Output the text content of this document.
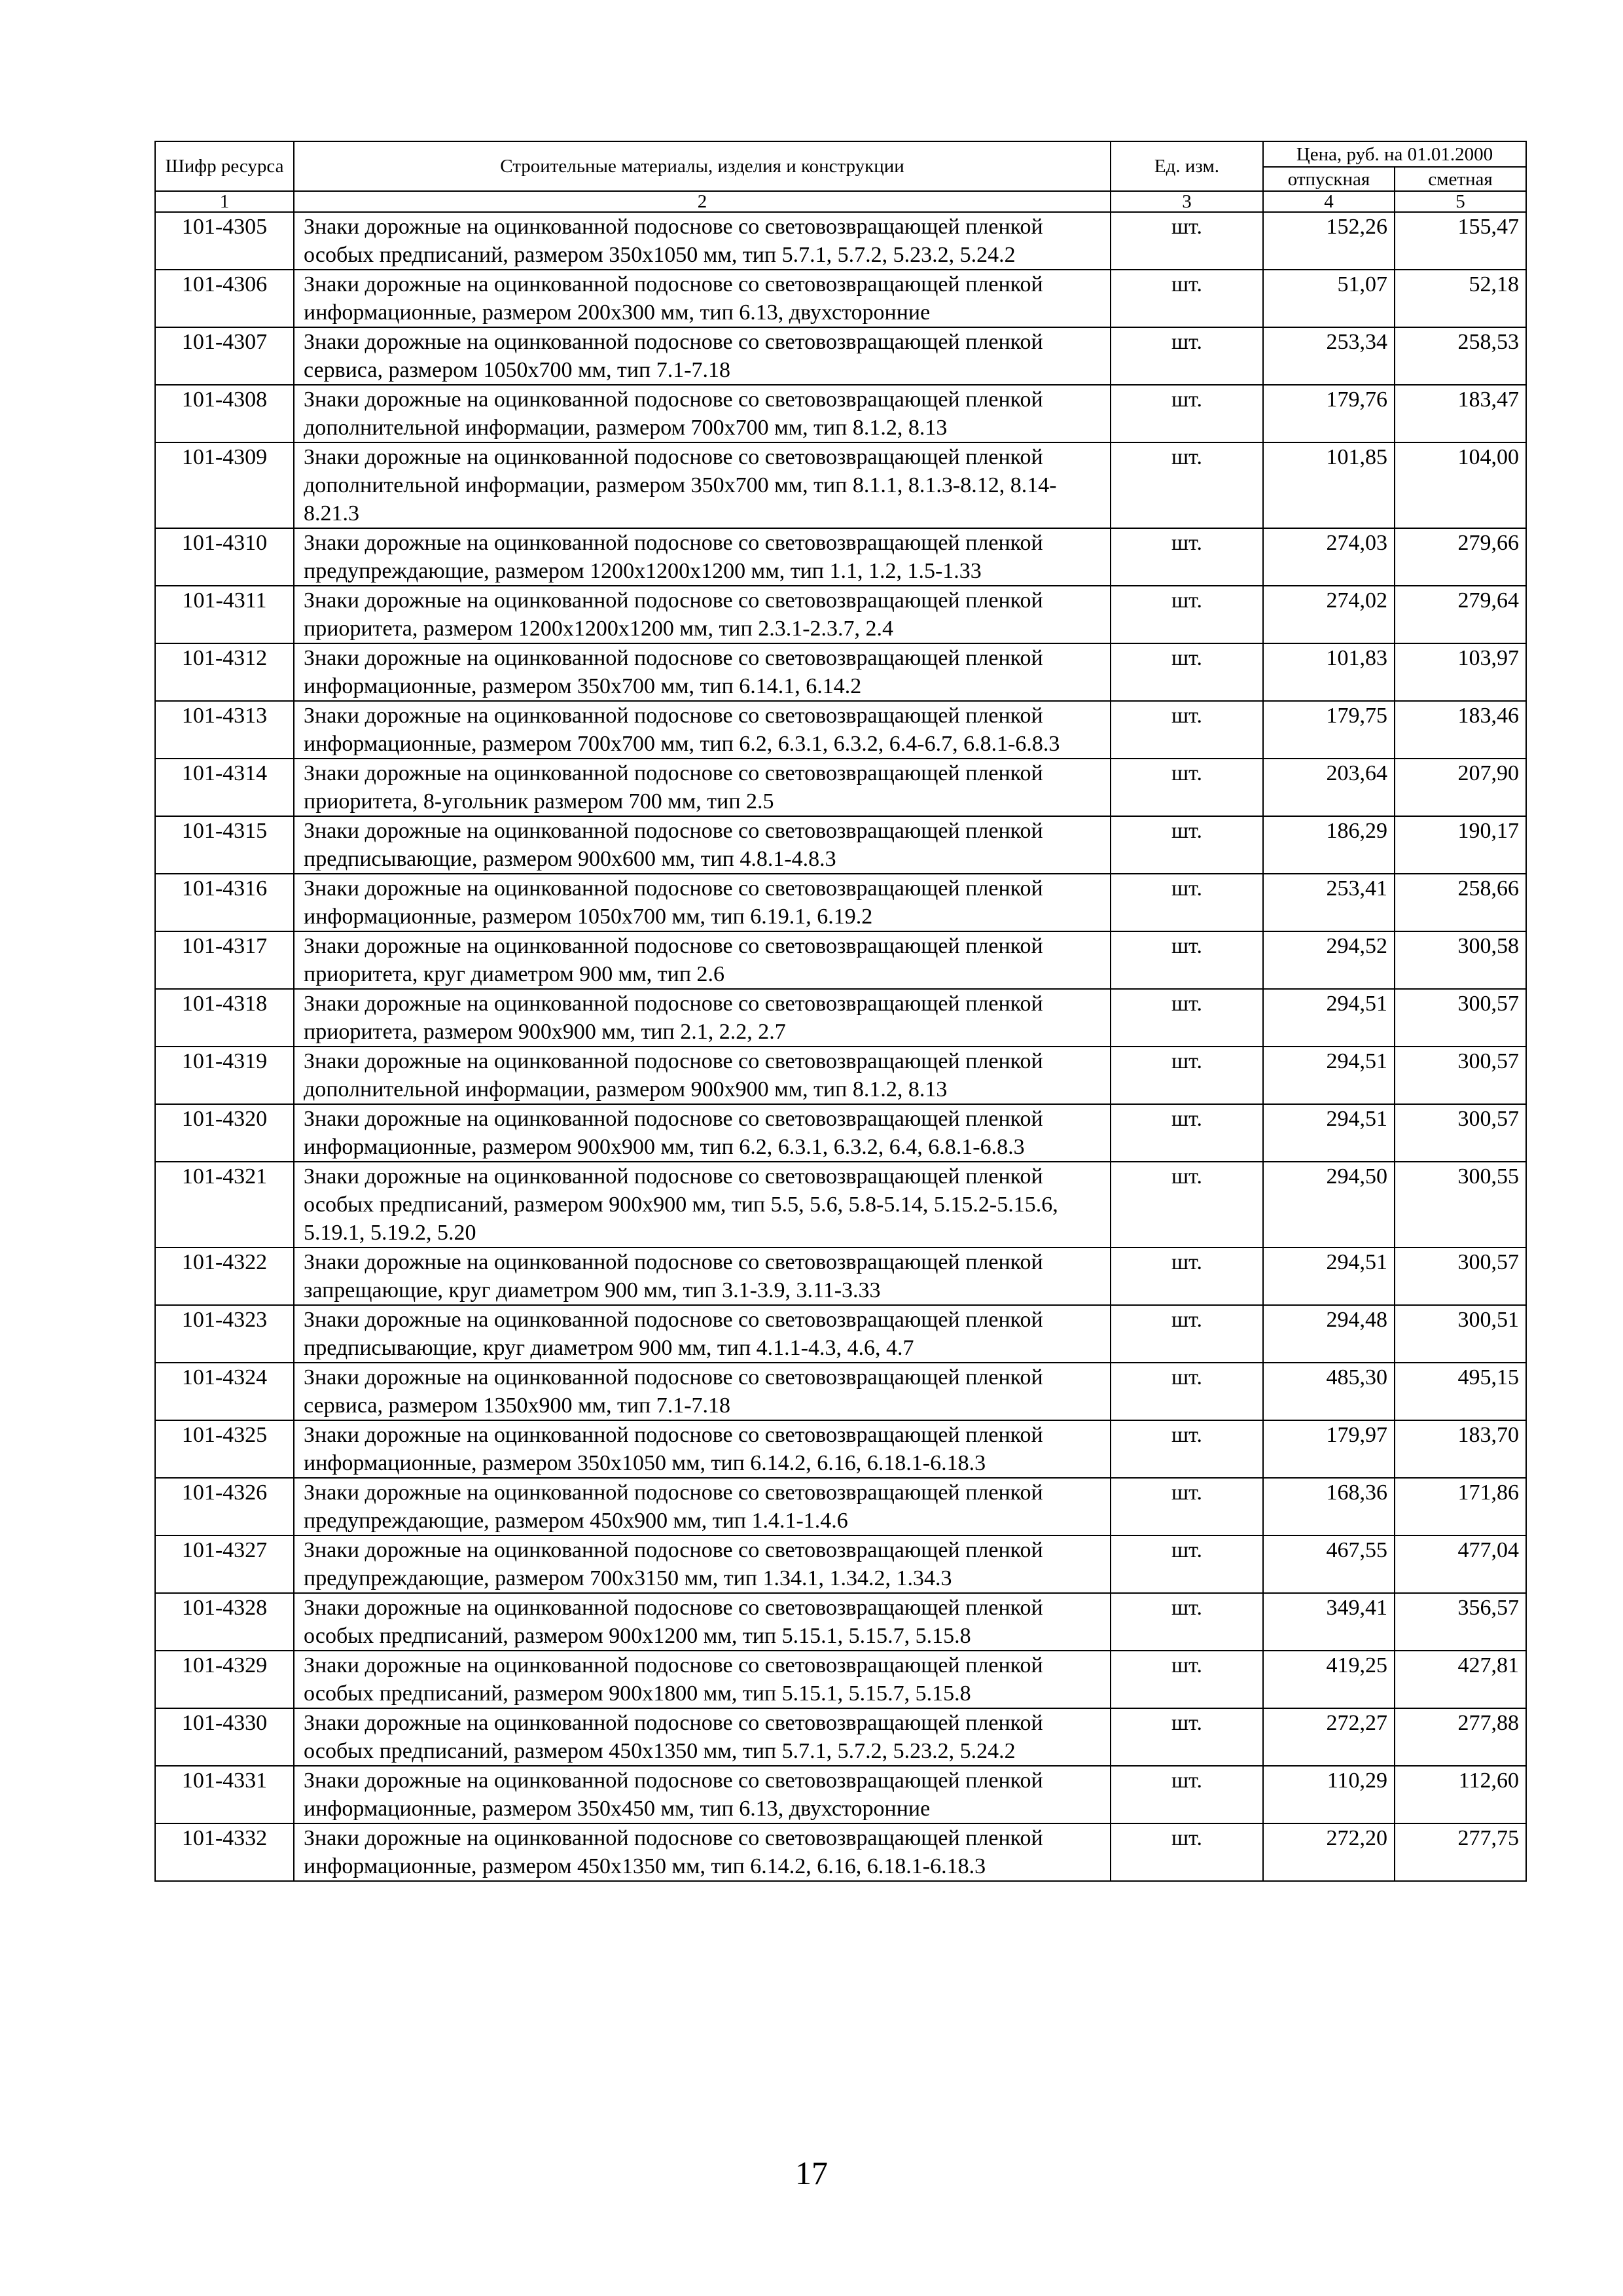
Шифр ресурса	Строительные материалы, изделия и конструкции	Ед. изм.	Цена, руб. на 01.01.2000	
			отпускная	сметная
1	2	3	4	5
101-4305	Знаки дорожные на оцинкованной подоснове со световозвращающей пленкой особых предписаний, размером 350х1050 мм, тип 5.7.1, 5.7.2, 5.23.2, 5.24.2	шт.	152,26	155,47
101-4306	Знаки дорожные на оцинкованной подоснове со световозвращающей пленкой информационные, размером 200х300 мм, тип 6.13, двухсторонние	шт.	51,07	52,18
101-4307	Знаки дорожные на оцинкованной подоснове со световозвращающей пленкой сервиса, размером 1050х700 мм, тип 7.1-7.18	шт.	253,34	258,53
101-4308	Знаки дорожные на оцинкованной подоснове со световозвращающей пленкой дополнительной информации, размером 700х700 мм, тип 8.1.2, 8.13	шт.	179,76	183,47
101-4309	Знаки дорожные на оцинкованной подоснове со световозвращающей пленкой дополнительной информации, размером 350х700 мм, тип 8.1.1, 8.1.3-8.12, 8.14-8.21.3	шт.	101,85	104,00
101-4310	Знаки дорожные на оцинкованной подоснове со световозвращающей пленкой предупреждающие, размером 1200х1200х1200 мм, тип 1.1, 1.2, 1.5-1.33	шт.	274,03	279,66
101-4311	Знаки дорожные на оцинкованной подоснове со световозвращающей пленкой приоритета, размером 1200х1200х1200 мм, тип 2.3.1-2.3.7, 2.4	шт.	274,02	279,64
101-4312	Знаки дорожные на оцинкованной подоснове со световозвращающей пленкой информационные, размером 350х700 мм, тип 6.14.1, 6.14.2	шт.	101,83	103,97
101-4313	Знаки дорожные на оцинкованной подоснове со световозвращающей пленкой информационные, размером 700х700 мм, тип 6.2, 6.3.1, 6.3.2, 6.4-6.7, 6.8.1-6.8.3	шт.	179,75	183,46
101-4314	Знаки дорожные на оцинкованной подоснове со световозвращающей пленкой приоритета, 8-угольник размером 700 мм, тип 2.5	шт.	203,64	207,90
101-4315	Знаки дорожные на оцинкованной подоснове со световозвращающей пленкой предписывающие, размером 900х600 мм, тип 4.8.1-4.8.3	шт.	186,29	190,17
101-4316	Знаки дорожные на оцинкованной подоснове со световозвращающей пленкой информационные, размером 1050х700 мм, тип 6.19.1, 6.19.2	шт.	253,41	258,66
101-4317	Знаки дорожные на оцинкованной подоснове со световозвращающей пленкой приоритета, круг диаметром 900 мм, тип 2.6	шт.	294,52	300,58
101-4318	Знаки дорожные на оцинкованной подоснове со световозвращающей пленкой приоритета, размером 900х900 мм, тип 2.1, 2.2, 2.7	шт.	294,51	300,57
101-4319	Знаки дорожные на оцинкованной подоснове со световозвращающей пленкой дополнительной информации, размером 900х900 мм, тип 8.1.2, 8.13	шт.	294,51	300,57
101-4320	Знаки дорожные на оцинкованной подоснове со световозвращающей пленкой информационные, размером 900х900 мм, тип 6.2, 6.3.1, 6.3.2, 6.4, 6.8.1-6.8.3	шт.	294,51	300,57
101-4321	Знаки дорожные на оцинкованной подоснове со световозвращающей пленкой особых предписаний, размером 900х900 мм, тип 5.5, 5.6, 5.8-5.14, 5.15.2-5.15.6, 5.19.1, 5.19.2, 5.20	шт.	294,50	300,55
101-4322	Знаки дорожные на оцинкованной подоснове со световозвращающей пленкой запрещающие, круг диаметром 900 мм, тип 3.1-3.9, 3.11-3.33	шт.	294,51	300,57
101-4323	Знаки дорожные на оцинкованной подоснове со световозвращающей пленкой предписывающие, круг диаметром 900 мм, тип 4.1.1-4.3, 4.6, 4.7	шт.	294,48	300,51
101-4324	Знаки дорожные на оцинкованной подоснове со световозвращающей пленкой сервиса, размером 1350х900 мм, тип 7.1-7.18	шт.	485,30	495,15
101-4325	Знаки дорожные на оцинкованной подоснове со световозвращающей пленкой информационные, размером 350х1050 мм, тип 6.14.2, 6.16, 6.18.1-6.18.3	шт.	179,97	183,70
101-4326	Знаки дорожные на оцинкованной подоснове со световозвращающей пленкой предупреждающие, размером 450х900 мм, тип 1.4.1-1.4.6	шт.	168,36	171,86
101-4327	Знаки дорожные на оцинкованной подоснове со световозвращающей пленкой предупреждающие, размером 700х3150 мм, тип 1.34.1, 1.34.2, 1.34.3	шт.	467,55	477,04
101-4328	Знаки дорожные на оцинкованной подоснове со световозвращающей пленкой особых предписаний, размером 900х1200 мм, тип 5.15.1, 5.15.7, 5.15.8	шт.	349,41	356,57
101-4329	Знаки дорожные на оцинкованной подоснове со световозвращающей пленкой особых предписаний, размером 900х1800 мм, тип 5.15.1, 5.15.7, 5.15.8	шт.	419,25	427,81
101-4330	Знаки дорожные на оцинкованной подоснове со световозвращающей пленкой особых предписаний, размером 450х1350 мм, тип 5.7.1, 5.7.2, 5.23.2, 5.24.2	шт.	272,27	277,88
101-4331	Знаки дорожные на оцинкованной подоснове со световозвращающей пленкой информационные, размером 350х450 мм, тип 6.13, двухсторонние	шт.	110,29	112,60
101-4332	Знаки дорожные на оцинкованной подоснове со световозвращающей пленкой информационные, размером 450х1350 мм, тип 6.14.2, 6.16, 6.18.1-6.18.3	шт.	272,20	277,75
17
